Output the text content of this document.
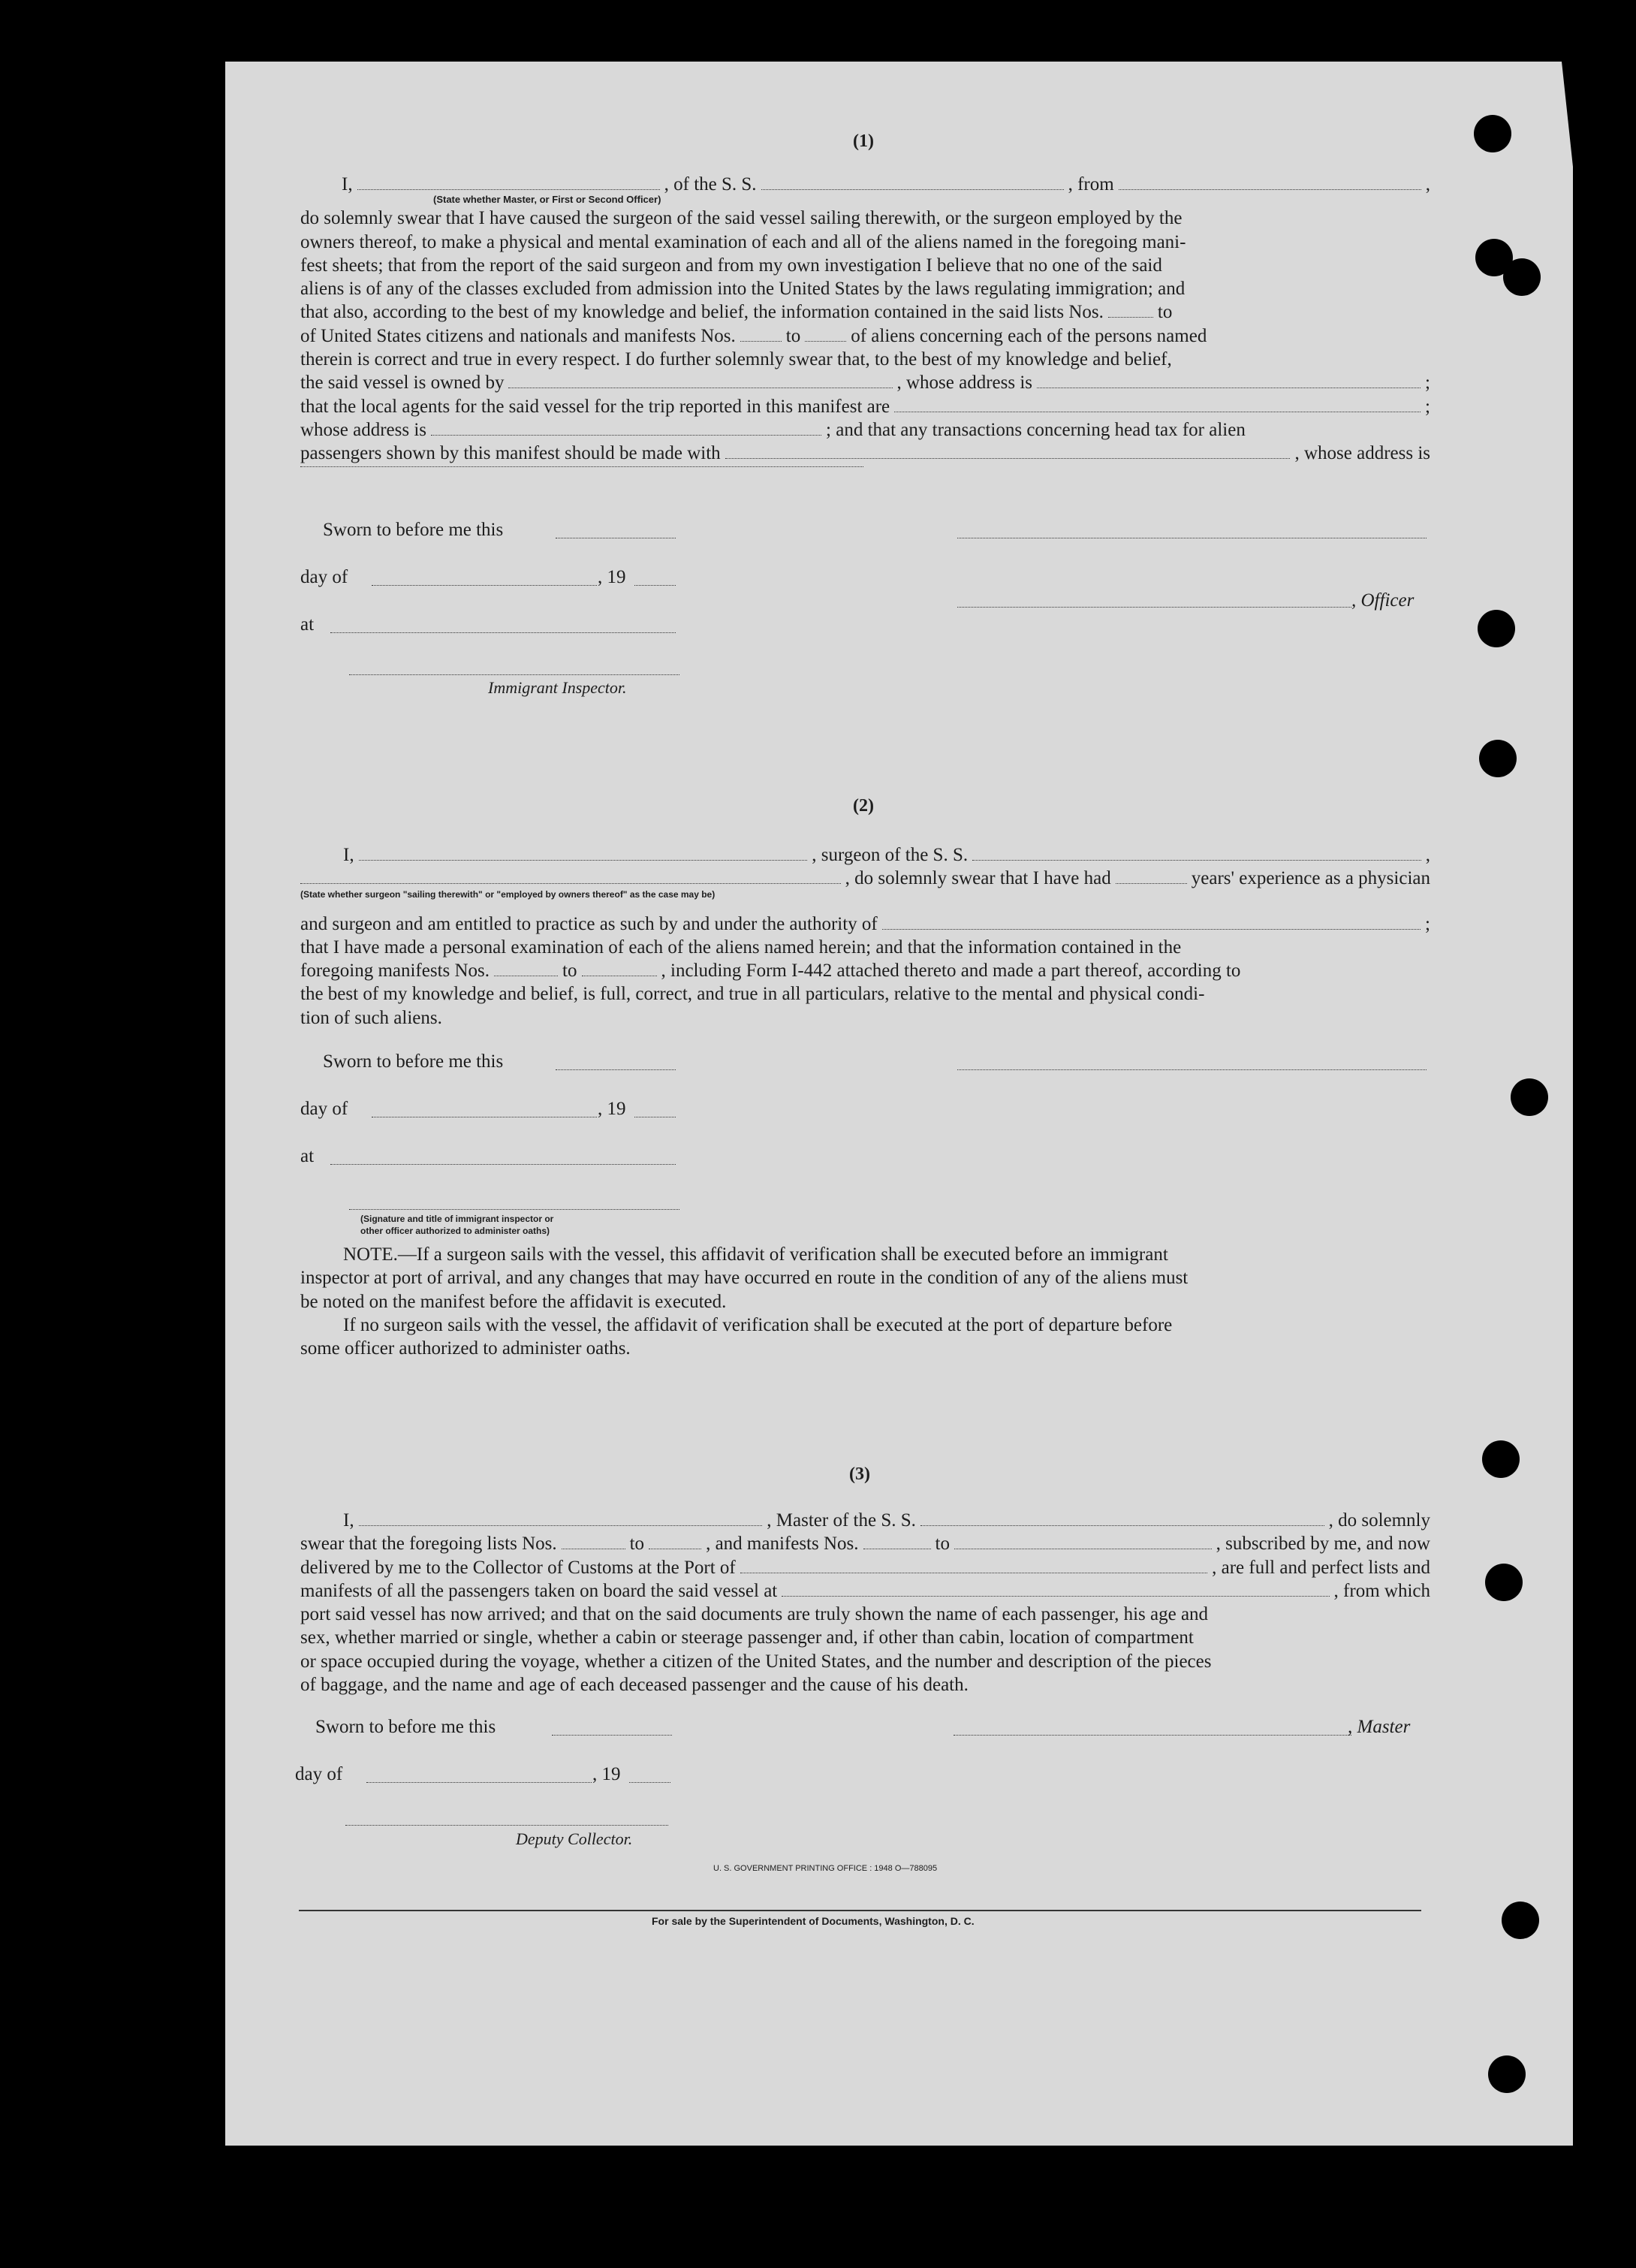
(1)
I,	, of the S. S.	, from	,
(State whether Master, or First or Second Officer)
do solemnly swear that I have caused the surgeon of the said vessel sailing therewith, or the surgeon employed by the
owners thereof, to make a physical and mental examination of each and all of the aliens named in the foregoing mani-
fest sheets; that from the report of the said surgeon and from my own investigation I believe that no one of the said
aliens is of any of the classes excluded from admission into the United States by the laws regulating immigration; and
that also, according to the best of my knowledge and belief, the information contained in the said lists Nos.	to
of United States citizens and nationals and manifests Nos.	to	of aliens concerning each of the persons named
therein is correct and true in every respect. I do further solemnly swear that, to the best of my knowledge and belief,
the said vessel is owned by	, whose address is	;
that the local agents for the said vessel for the trip reported in this manifest are	;
whose address is	; and that any transactions concerning head tax for alien
passengers shown by this manifest should be made with	, whose address is
Sworn to before me this
day of	, 19
at
Immigrant Inspector.
, Officer
(2)
I,	, surgeon of the S. S.	,
, do solemnly swear that I have had	years' experience as a physician
(State whether surgeon "sailing therewith" or "employed by owners thereof" as the case may be)
and surgeon and am entitled to practice as such by and under the authority of	;
that I have made a personal examination of each of the aliens named herein; and that the information contained in the
foregoing manifests Nos.	to	, including Form I-442 attached thereto and made a part thereof, according to
the best of my knowledge and belief, is full, correct, and true in all particulars, relative to the mental and physical condi-
tion of such aliens.
Sworn to before me this
day of	, 19
at
(Signature and title of immigrant inspector or
other officer authorized to administer oaths)
NOTE.—If a surgeon sails with the vessel, this affidavit of verification shall be executed before an immigrant
inspector at port of arrival, and any changes that may have occurred en route in the condition of any of the aliens must
be noted on the manifest before the affidavit is executed.
If no surgeon sails with the vessel, the affidavit of verification shall be executed at the port of departure before
some officer authorized to administer oaths.
(3)
I,	, Master of the S. S.	, do solemnly
swear that the foregoing lists Nos.	to	, and manifests Nos.	to	, subscribed by me, and now
delivered by me to the Collector of Customs at the Port of	, are full and perfect lists and
manifests of all the passengers taken on board the said vessel at	, from which
port said vessel has now arrived; and that on the said documents are truly shown the name of each passenger, his age and
sex, whether married or single, whether a cabin or steerage passenger and, if other than cabin, location of compartment
or space occupied during the voyage, whether a citizen of the United States, and the number and description of the pieces
of baggage, and the name and age of each deceased passenger and the cause of his death.
Sworn to before me this	, Master
day of	, 19
Deputy Collector.
U. S. GOVERNMENT PRINTING OFFICE : 1948 O—788095
For sale by the Superintendent of Documents, Washington, D. C.
